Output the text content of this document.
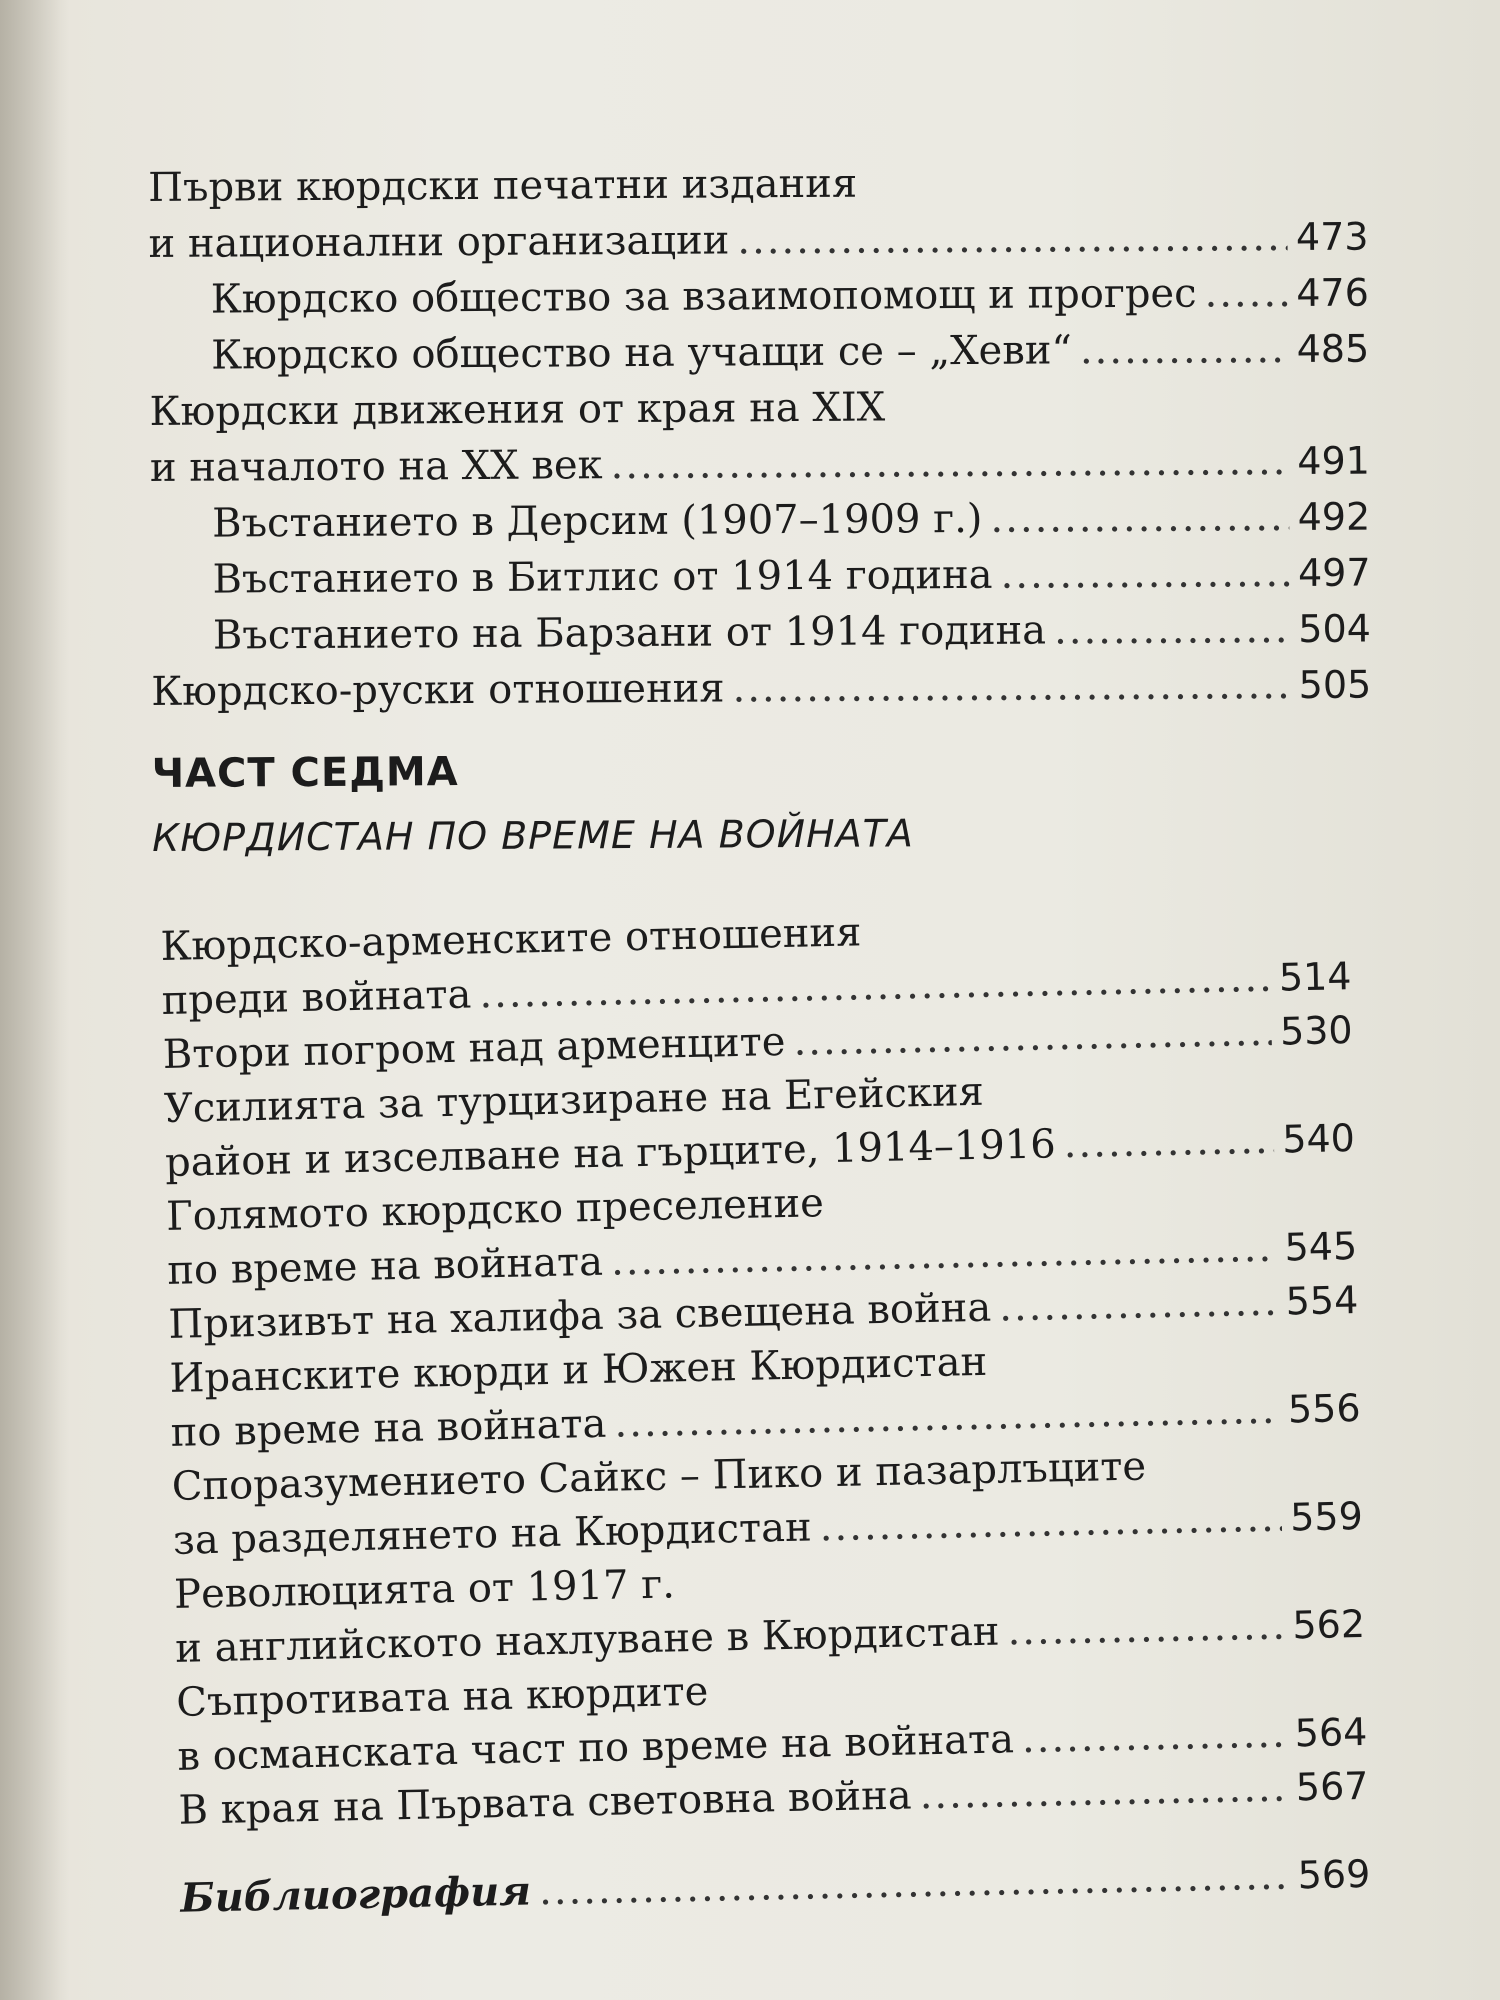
Първи кюрдски печатни издания
и национални организации .....	473
Кюрдско общество за взаимопомощ и прогрес .....	476
Кюрдско общество на учащи се – „Хеви“ .....	485
Кюрдски движения от края на XIX
и началото на XX век .....	491
Въстанието в Дерсим (1907–1909 г.) .....	492
Въстанието в Битлис от 1914 година .....	497
Въстанието на Барзани от 1914 година .....	504
Кюрдско-руски отношения .....	505
ЧАСТ СЕДМА
КЮРДИСТАН ПО ВРЕМЕ НА ВОЙНАТА
Кюрдско-арменските отношения
преди войната .....	514
Втори погром над арменците .....	530
Усилията за турцизиране на Егейския
район и изселване на гърците, 1914–1916 .....	540
Голямото кюрдско преселение
по време на войната .....	545
Призивът на халифа за свещена война .....	554
Иранските кюрди и Южен Кюрдистан
по време на войната .....	556
Споразумението Сайкс – Пико и пазарлъците
за разделянето на Кюрдистан .....	559
Революцията от 1917 г.
и английското нахлуване в Кюрдистан .....	562
Съпротивата на кюрдите
в османската част по време на войната .....	564
В края на Първата световна война .....	567
Библиография .....	569
